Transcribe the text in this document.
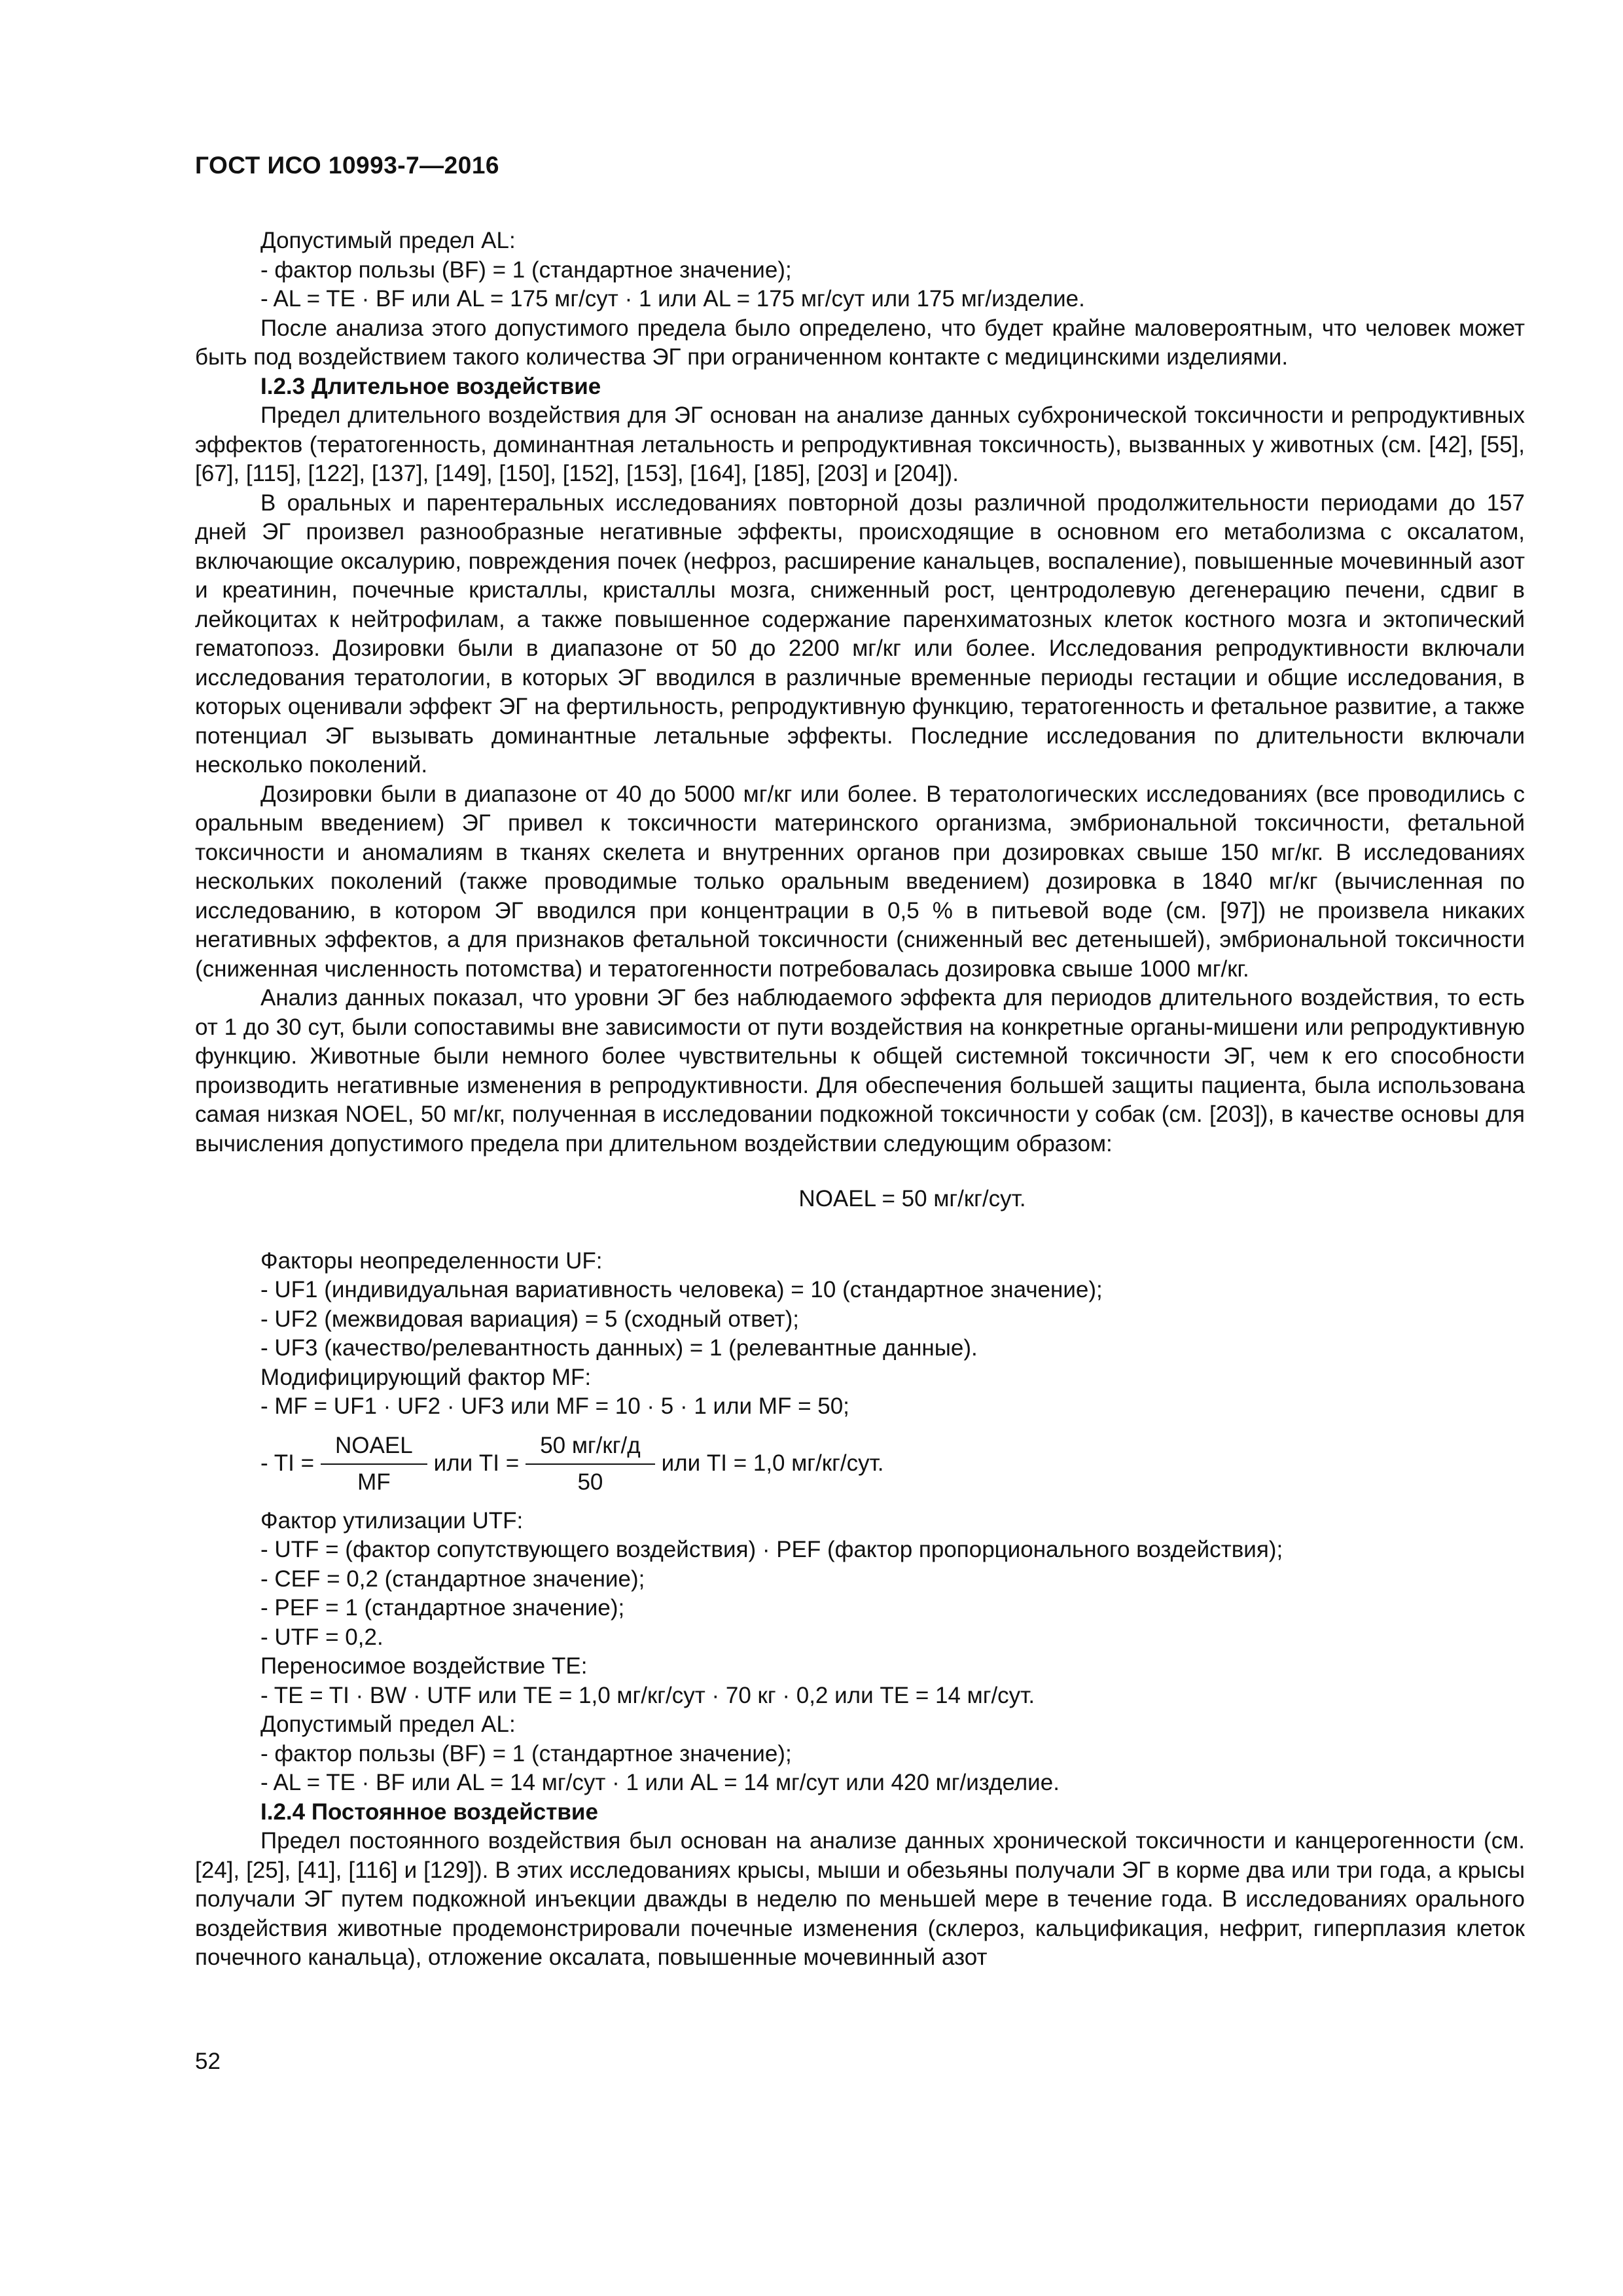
ГОСТ ИСО 10993-7—2016

Допустимый предел AL:

- фактор пользы (BF) = 1 (стандартное значение);

- AL = TE · BF или AL = 175 мг/сут · 1 или AL = 175 мг/сут или 175 мг/изделие.

После анализа этого допустимого предела было определено, что будет крайне маловероятным, что человек может быть под воздействием такого количества ЭГ при ограниченном контакте с медицинскими изделиями.

I.2.3 Длительное воздействие

Предел длительного воздействия для ЭГ основан на анализе данных субхронической токсичности и репродуктивных эффектов (тератогенность, доминантная летальность и репродуктивная токсичность), вызванных у животных (см. [42], [55], [67], [115], [122], [137], [149], [150], [152], [153], [164], [185], [203] и [204]).

В оральных и парентеральных исследованиях повторной дозы различной продолжительности периодами до 157 дней ЭГ произвел разнообразные негативные эффекты, происходящие в основном его метаболизма с оксалатом, включающие оксалурию, повреждения почек (нефроз, расширение канальцев, воспаление), повышенные мочевинный азот и креатинин, почечные кристаллы, кристаллы мозга, сниженный рост, центродолевую дегенерацию печени, сдвиг в лейкоцитах к нейтрофилам, а также повышенное содержание паренхиматозных клеток костного мозга и эктопический гематопоэз. Дозировки были в диапазоне от 50 до 2200 мг/кг или более. Исследования репродуктивности включали исследования тератологии, в которых ЭГ вводился в различные временные периоды гестации и общие исследования, в которых оценивали эффект ЭГ на фертильность, репродуктивную функцию, тератогенность и фетальное развитие, а также потенциал ЭГ вызывать доминантные летальные эффекты. Последние исследования по длительности включали несколько поколений.

Дозировки были в диапазоне от 40 до 5000 мг/кг или более. В тератологических исследованиях (все проводились с оральным введением) ЭГ привел к токсичности материнского организма, эмбриональной токсичности, фетальной токсичности и аномалиям в тканях скелета и внутренних органов при дозировках свыше 150 мг/кг. В исследованиях нескольких поколений (также проводимые только оральным введением) дозировка в 1840 мг/кг (вычисленная по исследованию, в котором ЭГ вводился при концентрации в 0,5 % в питьевой воде (см. [97]) не произвела никаких негативных эффектов, а для признаков фетальной токсичности (сниженный вес детенышей), эмбриональной токсичности (сниженная численность потомства) и тератогенности потребовалась дозировка свыше 1000 мг/кг.

Анализ данных показал, что уровни ЭГ без наблюдаемого эффекта для периодов длительного воздействия, то есть от 1 до 30 сут, были сопоставимы вне зависимости от пути воздействия на конкретные органы-мишени или репродуктивную функцию. Животные были немного более чувствительны к общей системной токсичности ЭГ, чем к его способности производить негативные изменения в репродуктивности. Для обеспечения большей защиты пациента, была использована самая низкая NOEL, 50 мг/кг, полученная в исследовании подкожной токсичности у собак (см. [203]), в качестве основы для вычисления допустимого предела при длительном воздействии следующим образом:

NOAEL = 50 мг/кг/сут.

Факторы неопределенности UF:

- UF1 (индивидуальная вариативность человека) = 10 (стандартное значение);

- UF2 (межвидовая вариация) = 5 (сходный ответ);

- UF3 (качество/релевантность данных) = 1 (релевантные данные).

Модифицирующий фактор MF:

- MF = UF1 · UF2 · UF3 или MF = 10 · 5 · 1 или MF = 50;

- TI = $\frac{\text{NOAEL}}{MF}$ или TI = $\frac{50 мг/кг/д}{50}$ или TI = 1,0 мг/кг/сут.

Фактор утилизации UTF:

- UTF = (фактор сопутствующего воздействия) · PEF (фактор пропорционального воздействия);

- CEF = 0,2 (стандартное значение);

- PEF = 1 (стандартное значение);

- UTF = 0,2.

Переносимое воздействие TE:

- TE = TI · BW · UTF или TE = 1,0 мг/кг/сут · 70 кг · 0,2 или TE = 14 мг/сут.

Допустимый предел AL:

- фактор пользы (BF) = 1 (стандартное значение);

- AL = TE · BF или AL = 14 мг/сут · 1 или AL = 14 мг/сут или 420 мг/изделие.

I.2.4 Постоянное воздействие

Предел постоянного воздействия был основан на анализе данных хронической токсичности и канцерогенности (см. [24], [25], [41], [116] и [129]). В этих исследованиях крысы, мыши и обезьяны получали ЭГ в корме два или три года, а крысы получали ЭГ путем подкожной инъекции дважды в неделю по меньшей мере в течение года. В исследованиях орального воздействия животные продемонстрировали почечные изменения (склероз, кальцификация, нефрит, гиперплазия клеток почечного канальца), отложение оксалата, повышенные мочевинный азот

52
